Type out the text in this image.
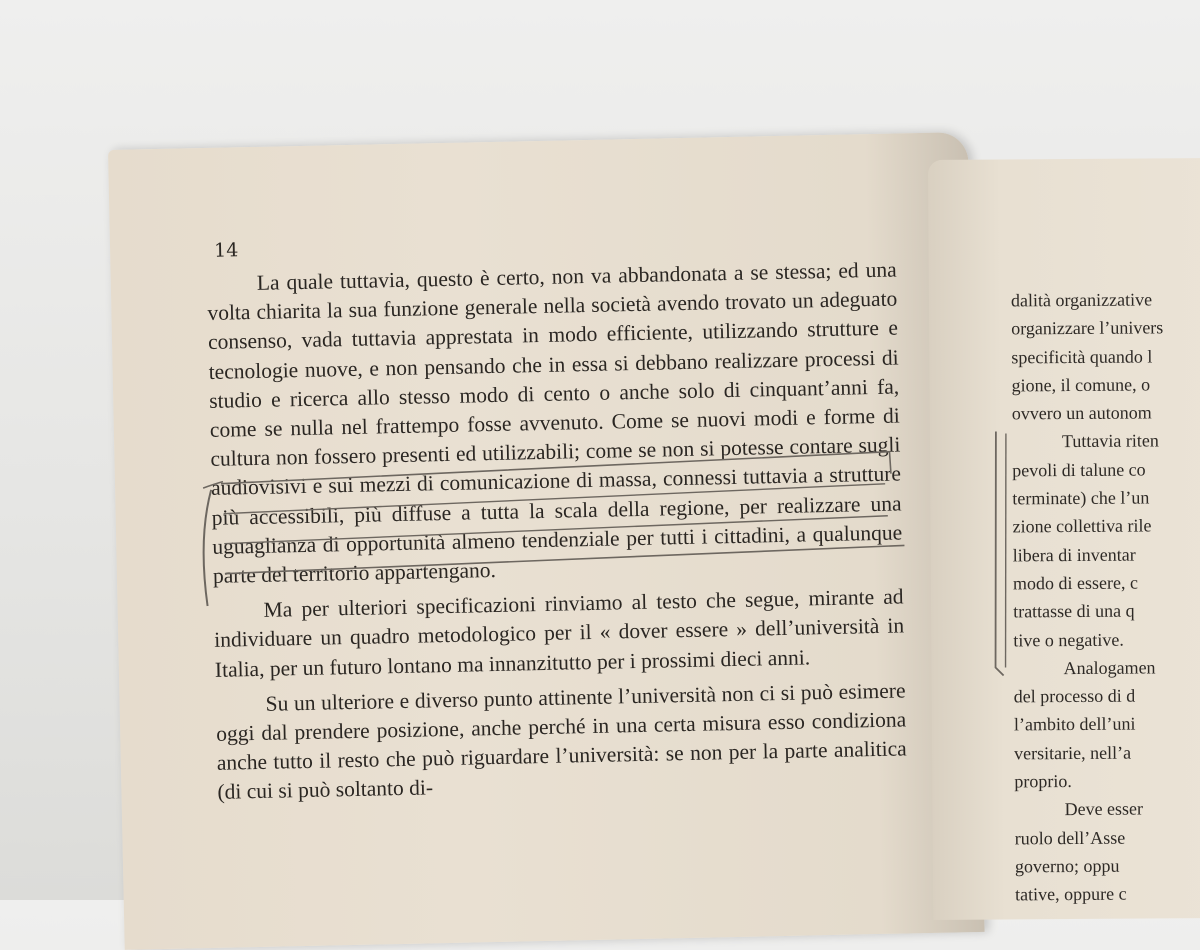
14

La quale tuttavia, questo è certo, non va abbandonata a se stessa; ed una volta chiarita la sua funzione generale nella società avendo trovato un adeguato consenso, vada tuttavia apprestata in modo efficiente, utilizzando strutture e tecnologie nuove, e non pensando che in essa si debbano realizzare processi di studio e ricerca allo stesso modo di cento o anche solo di cinquant’anni fa, come se nulla nel frattempo fosse avvenuto. Come se nuovi modi e forme di cultura non fossero presenti ed utilizzabili; come se non si potesse contare sugli audiovisivi e sui mezzi di comunicazione di massa, connessi tuttavia a strutture più accessibili, più diffuse a tutta la scala della regione, per realizzare una uguaglianza di opportunità almeno tendenziale per tutti i cittadini, a qualunque parte del territorio appartengano.

Ma per ulteriori specificazioni rinviamo al testo che segue, mirante ad individuare un quadro metodologico per il « dover essere » dell’università in Italia, per un futuro lontano ma innanzitutto per i prossimi dieci anni.

Su un ulteriore e diverso punto attinente l’università non ci si può esimere oggi dal prendere posizione, anche perché in una certa misura esso condiziona anche tutto il resto che può riguardare l’università: se non per la parte analitica (di cui si può soltanto di-

dalità organizzative
organizzare l’univers
specificità quando l
gione, il comune, o
ovvero un autonom
Tuttavia riten
pevoli di talune co
terminate) che l’un
zione collettiva rile
libera di inventar
modo di essere, c
trattasse di una q
tive o negative.
Analogamen
del processo di d
l’ambito dell’uni
versitarie, nell’a
proprio.
Deve esser
ruolo dell’Asse
governo; oppu
tative, oppure c
